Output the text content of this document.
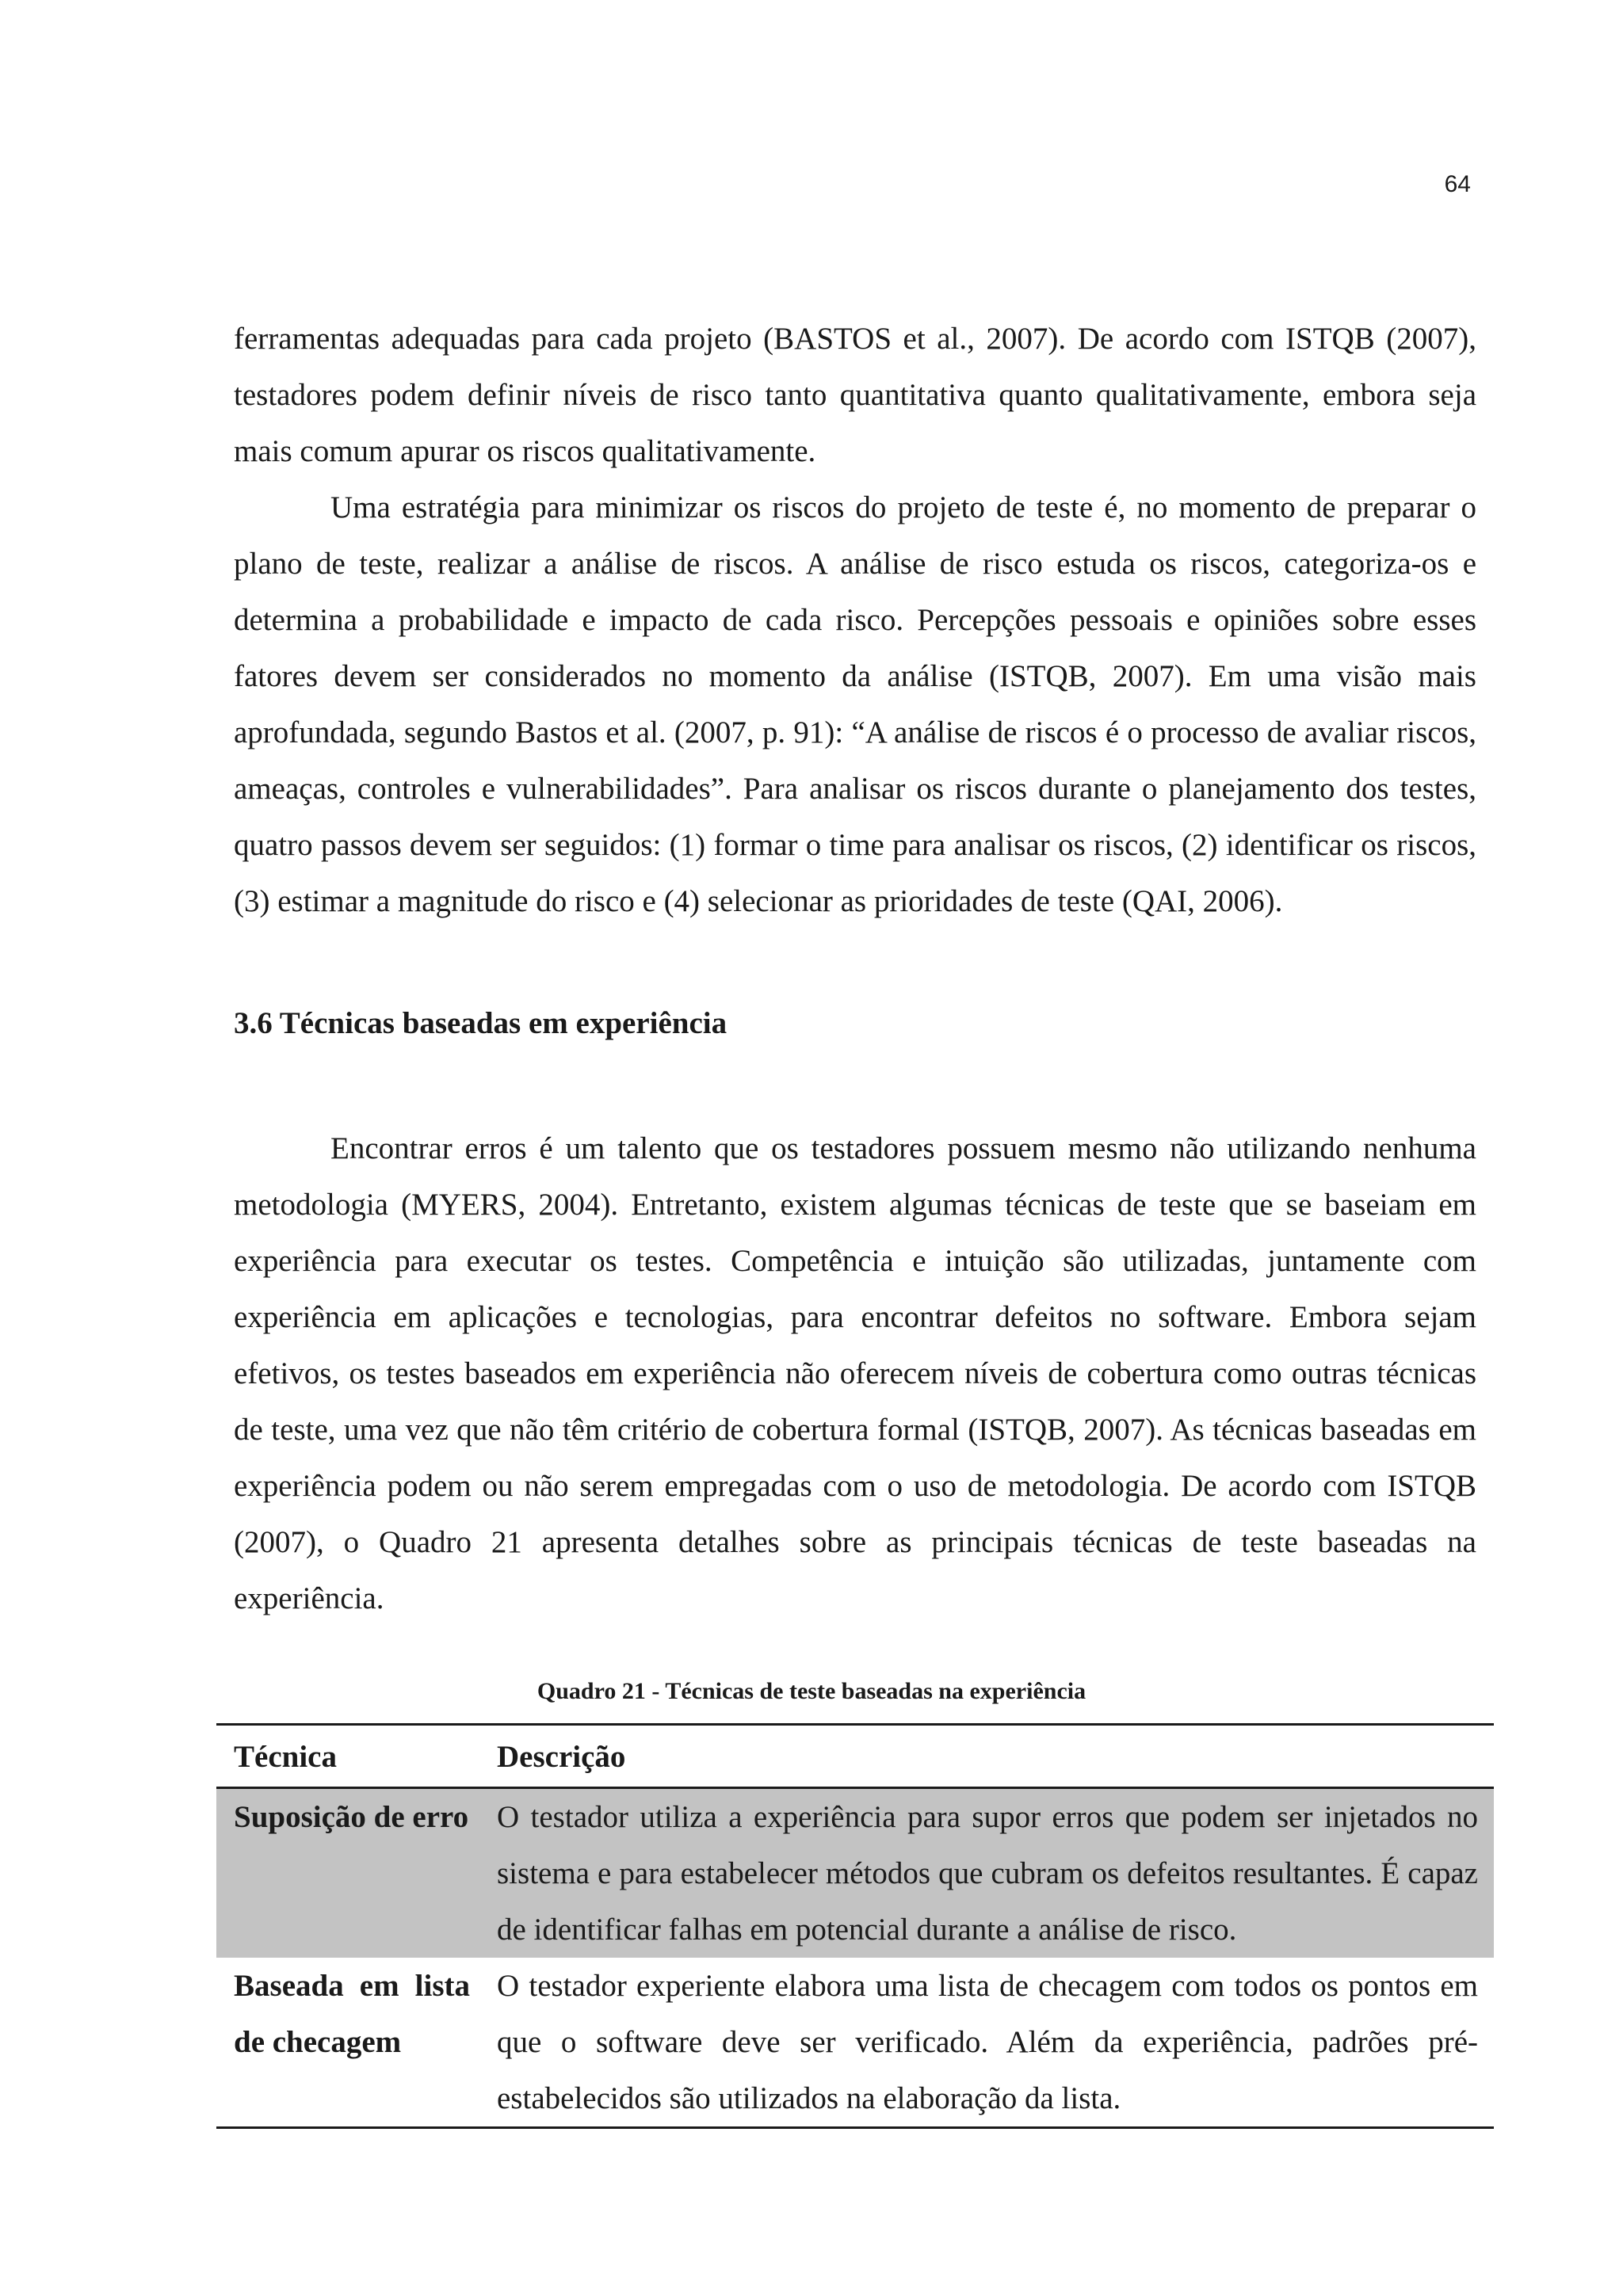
64

ferramentas adequadas para cada projeto (BASTOS et al., 2007). De acordo com ISTQB (2007), testadores podem definir níveis de risco tanto quantitativa quanto qualitativamente, embora seja mais comum apurar os riscos qualitativamente.

Uma estratégia para minimizar os riscos do projeto de teste é, no momento de preparar o plano de teste, realizar a análise de riscos. A análise de risco estuda os riscos, categoriza-os e determina a probabilidade e impacto de cada risco. Percepções pessoais e opiniões sobre esses fatores devem ser considerados no momento da análise (ISTQB, 2007). Em uma visão mais aprofundada, segundo Bastos et al. (2007, p. 91): “A análise de riscos é o processo de avaliar riscos, ameaças, controles e vulnerabilidades”. Para analisar os riscos durante o planejamento dos testes, quatro passos devem ser seguidos: (1) formar o time para analisar os riscos, (2) identificar os riscos, (3) estimar a magnitude do risco e (4) selecionar as prioridades de teste (QAI, 2006).

3.6 Técnicas baseadas em experiência

Encontrar erros é um talento que os testadores possuem mesmo não utilizando nenhuma metodologia (MYERS, 2004). Entretanto, existem algumas técnicas de teste que se baseiam em experiência para executar os testes. Competência e intuição são utilizadas, juntamente com experiência em aplicações e tecnologias, para encontrar defeitos no software. Embora sejam efetivos, os testes baseados em experiência não oferecem níveis de cobertura como outras técnicas de teste, uma vez que não têm critério de cobertura formal (ISTQB, 2007). As técnicas baseadas em experiência podem ou não serem empregadas com o uso de metodologia. De acordo com ISTQB (2007), o Quadro 21 apresenta detalhes sobre as principais técnicas de teste baseadas na experiência.

Quadro 21 - Técnicas de teste baseadas na experiência
Técnica	Descrição
Suposição de erro	O testador utiliza a experiência para supor erros que podem ser injetados no sistema e para estabelecer métodos que cubram os defeitos resultantes. É capaz de identificar falhas em potencial durante a análise de risco.
Baseada em lista de checagem	O testador experiente elabora uma lista de checagem com todos os pontos em que o software deve ser verificado. Além da experiência, padrões pré-estabelecidos são utilizados na elaboração da lista.
